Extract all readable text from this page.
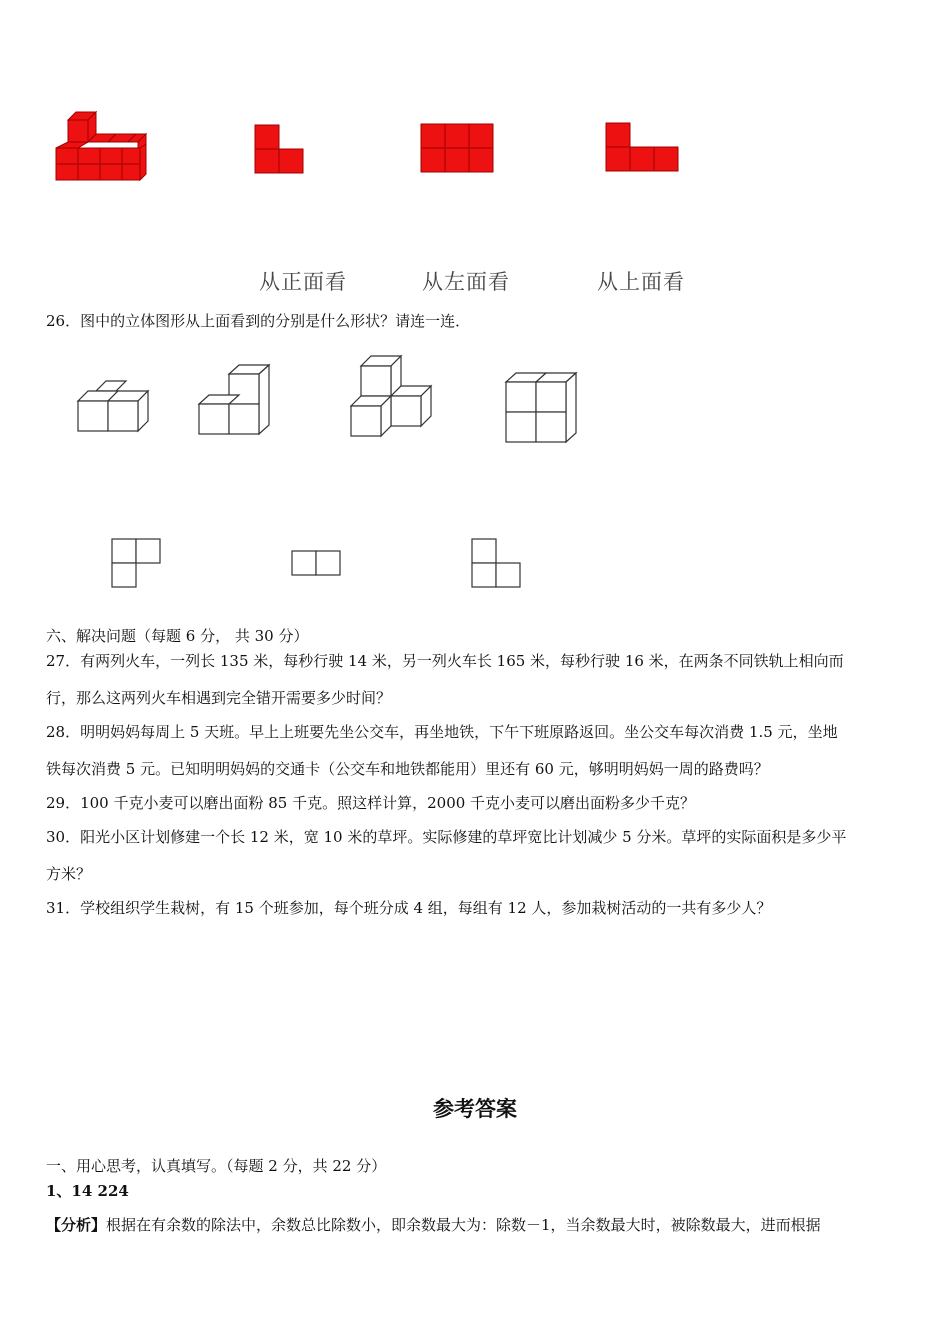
从正面看	从左面看	从上面看
26．图中的立体图形从上面看到的分别是什么形状？请连一连．
六、解决问题（每题 6 分， 共 30 分）
27．有两列火车，一列长 135 米，每秒行驶 14 米，另一列火车长 165 米，每秒行驶 16 米，在两条不同铁轨上相向而
行，那么这两列火车相遇到完全错开需要多少时间？
28．明明妈妈每周上 5 天班。早上上班要先坐公交车，再坐地铁，下午下班原路返回。坐公交车每次消费 1.5 元，坐地
铁每次消费 5 元。已知明明妈妈的交通卡（公交车和地铁都能用）里还有 60 元，够明明妈妈一周的路费吗？
29．100 千克小麦可以磨出面粉 85 千克。照这样计算，2000 千克小麦可以磨出面粉多少千克？
30．阳光小区计划修建一个长 12 米，宽 10 米的草坪。实际修建的草坪宽比计划减少 5 分米。草坪的实际面积是多少平
方米？
31．学校组织学生栽树，有 15 个班参加，每个班分成 4 组，每组有 12 人，参加栽树活动的一共有多少人？
参考答案
一、用心思考，认真填写。（每题 2 分，共 22 分）
1、14 224
【分析】根据在有余数的除法中，余数总比除数小，即余数最大为：除数－1，当余数最大时，被除数最大，进而根据
